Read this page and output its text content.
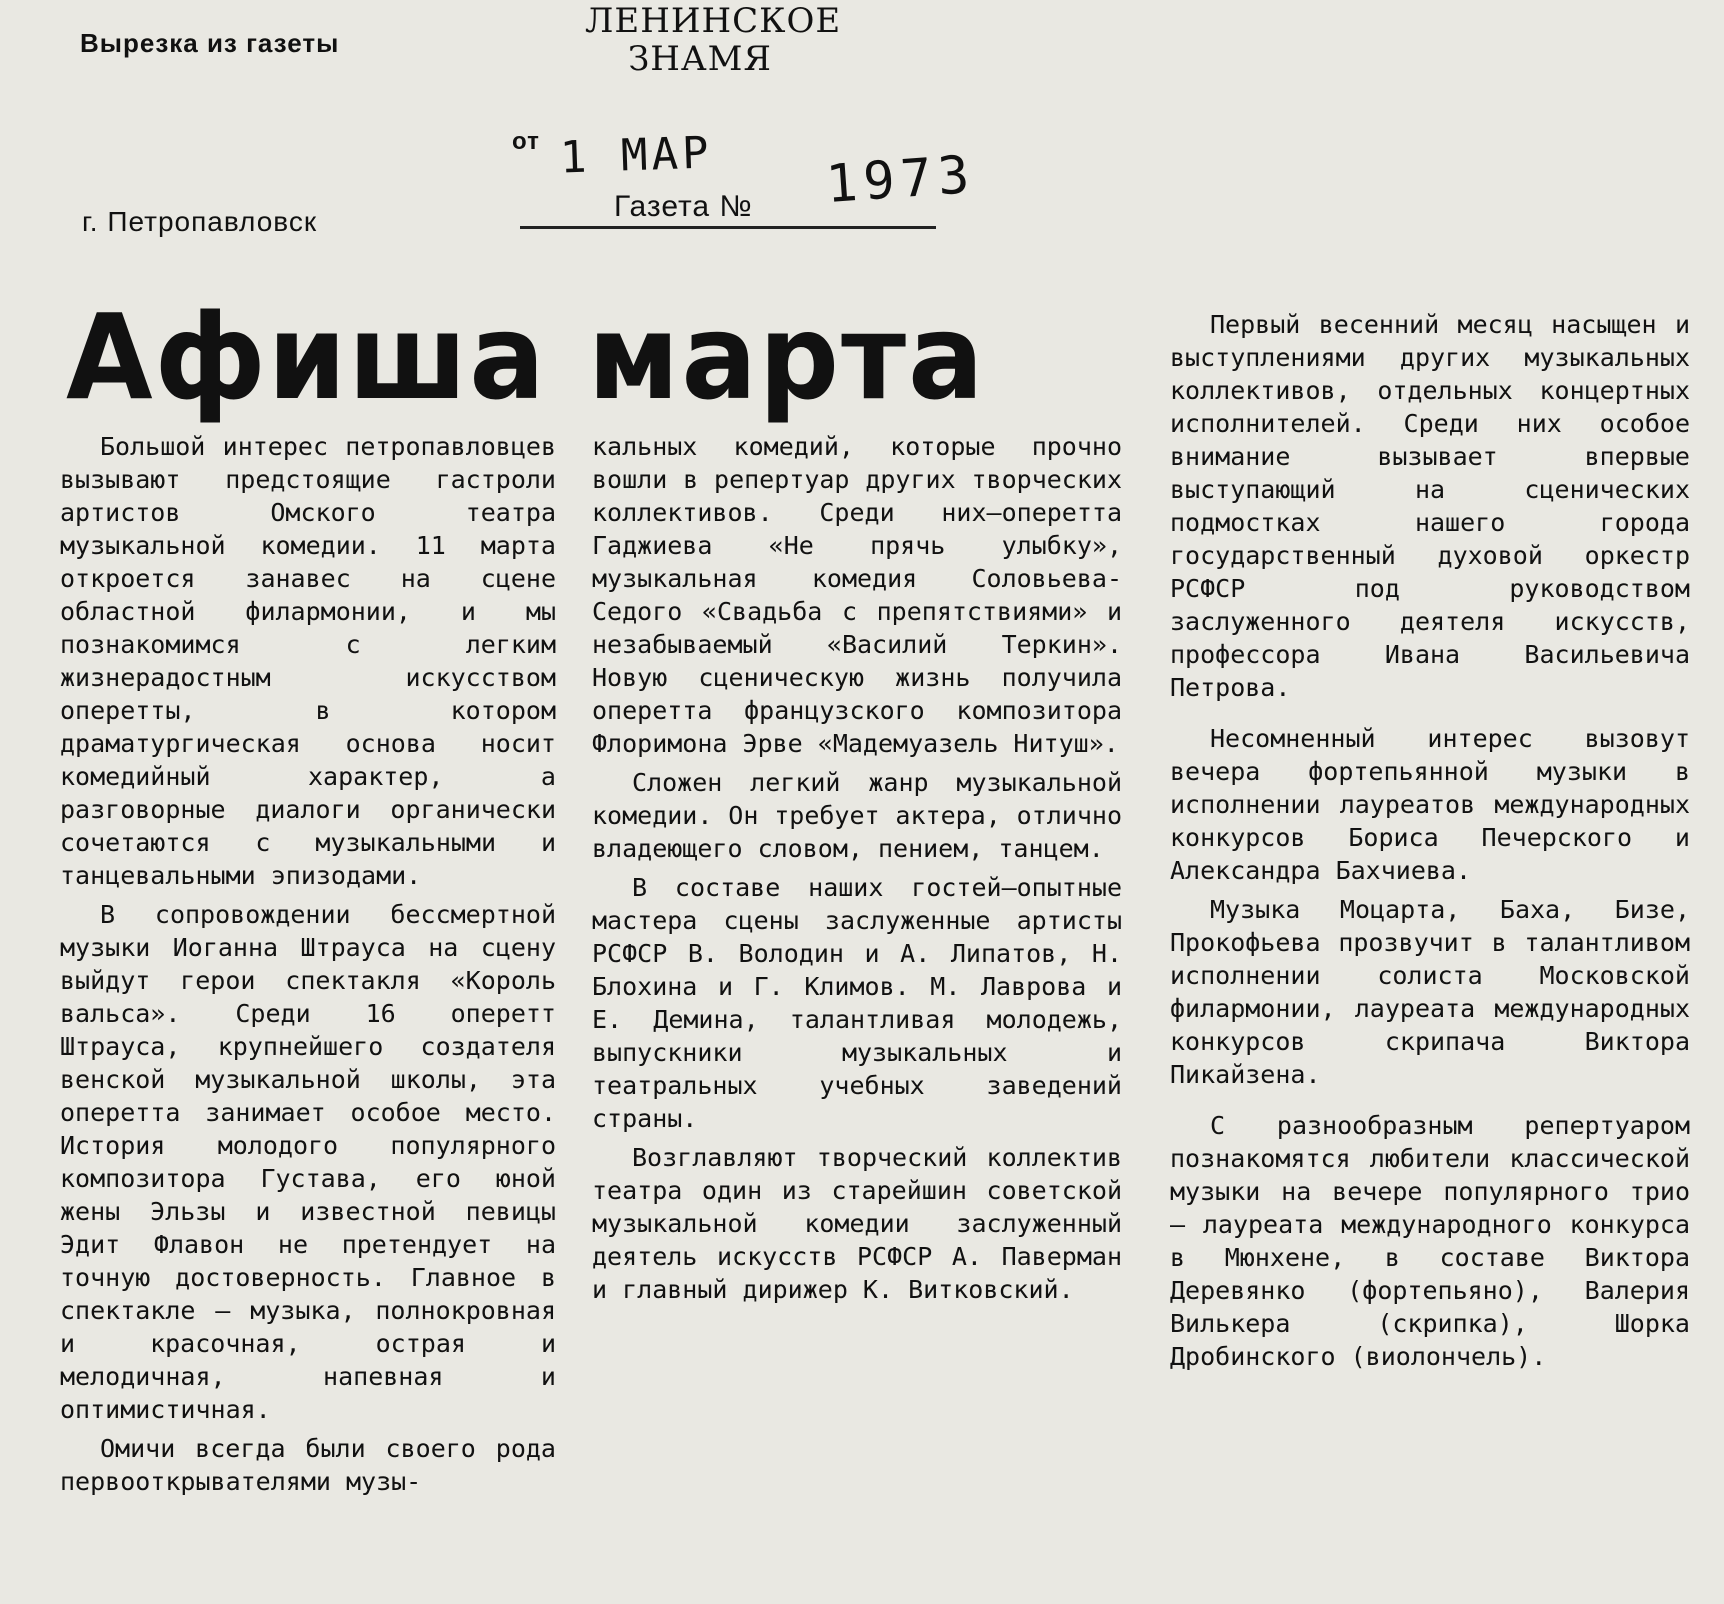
Вырезка из газеты
г. Петропавловск
ЛЕНИНСКОЕ
ЗНАМЯ
от 1 МАР 1973
Газета №
Афиша марта

Большой интерес петропавловцев вызывают предстоящие гастроли артистов Омского театра музыкальной комедии. 11 марта откроется занавес на сцене областной филармонии, и мы познакомимся с легким жизнерадостным искусством оперетты, в котором драматургическая основа носит комедийный характер, а разговорные диалоги органически сочетаются с музыкальными и танцевальными эпизодами.

В сопровождении бессмертной музыки Иоганна Штрауса на сцену выйдут герои спектакля «Король вальса». Среди 16 оперетт Штрауса, крупнейшего создателя венской музыкальной школы, эта оперетта занимает особое место. История молодого популярного композитора Густава, его юной жены Эльзы и известной певицы Эдит Флавон не претендует на точную достоверность. Главное в спектакле — музыка, полнокровная и красочная, острая и мелодичная, напевная и оптимистичная.

Омичи всегда были своего рода первооткрывателями музы-

кальных комедий, которые прочно вошли в репертуар других творческих коллективов. Среди них—оперетта Гаджиева «Не прячь улыбку», музыкальная комедия Соловьева-Седого «Свадьба с препятствиями» и незабываемый «Василий Теркин». Новую сценическую жизнь получила оперетта французского композитора Флоримона Эрве «Мадемуазель Нитуш».

Сложен легкий жанр музыкальной комедии. Он требует актера, отлично владеющего словом, пением, танцем.

В составе наших гостей—опытные мастера сцены заслуженные артисты РСФСР В. Володин и А. Липатов, Н. Блохина и Г. Климов. М. Лаврова и Е. Демина, талантливая молодежь, выпускники музыкальных и театральных учебных заведений страны.

Возглавляют творческий коллектив театра один из старейшин советской музыкальной комедии заслуженный деятель искусств РСФСР А. Паверман и главный дирижер К. Витковский.

Первый весенний месяц насыщен и выступлениями других музыкальных коллективов, отдельных концертных исполнителей. Среди них особое внимание вызывает впервые выступающий на сценических подмостках нашего города государственный духовой оркестр РСФСР под руководством заслуженного деятеля искусств, профессора Ивана Васильевича Петрова.

Несомненный интерес вызовут вечера фортепьянной музыки в исполнении лауреатов международных конкурсов Бориса Печерского и Александра Бахчиева.

Музыка Моцарта, Баха, Бизе, Прокофьева прозвучит в талантливом исполнении солиста Московской филармонии, лауреата международных конкурсов скрипача Виктора Пикайзена.

С разнообразным репертуаром познакомятся любители классической музыки на вечере популярного трио — лауреата международного конкурса в Мюнхене, в составе Виктора Деревянко (фортепьяно), Валерия Вилькера (скрипка), Шорка Дробинского (виолончель).
